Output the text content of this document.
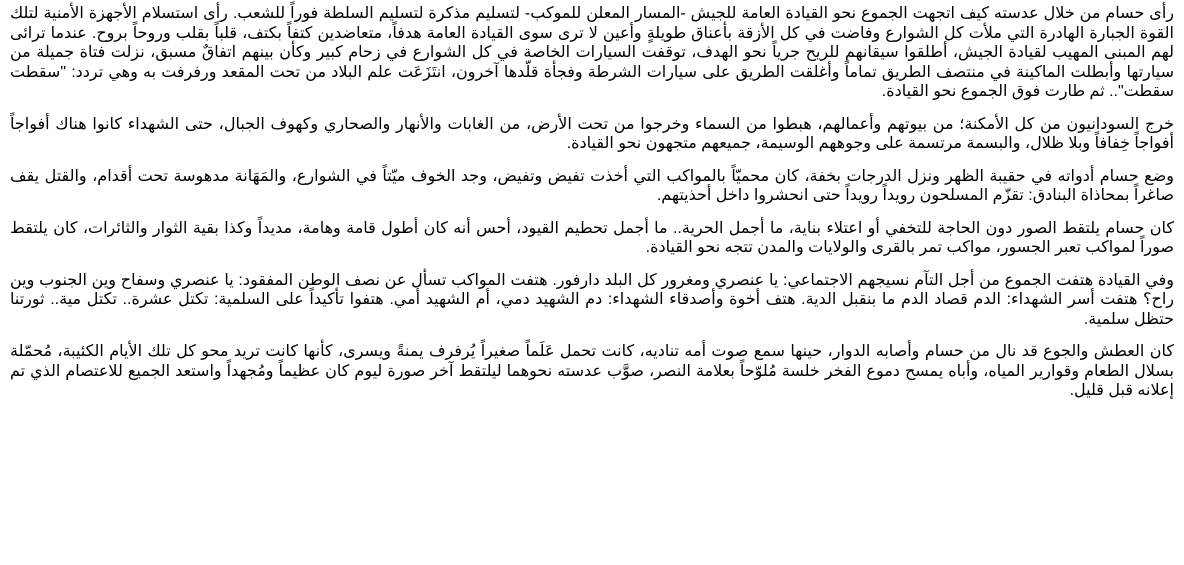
رأى حسام من خلال عدسته كيف اتجهت الجموع نحو القيادة العامة للجيش -المسار المعلن للموكب- لتسليم مذكرة لتسليم السلطة فوراً للشعب. رأى استسلام الأجهزة الأمنية لتلك القوة الجبارة الهادرة التي ملأت كل الشوارع وفاضت في كل الأزقة بأعناق طويلةٍ وأعين لا ترى سوى القيادة العامة هدفاً، متعاضدين كتفاً بكتف، قلباً بقلب وروحاً بروح. عندما ترائى لهم المبنى المهيب لقيادة الجيش، أطلقوا سيقانهم للريح جرياً نحو الهدف، توقفت السيارات الخاصة في كل الشوارع في زحام كبير وكأن بينهم اتفاقٌ مسبق، نزلت فتاة جميلة من سيارتها وأبطلت الماكينة في منتصف الطريق تماماً وأغلقت الطريق على سيارات الشرطة وفجأة قلّدها آخرون، انتَزَعَت علم البلاد من تحت المقعد ورفرفت به وهي تردد: "سقطت سقطت".. ثم طارت فوق الجموع نحو القيادة.

خرج السودانيون من كل الأمكنة؛ من بيوتهم وأعمالهم، هبطوا من السماء وخرجوا من تحت الأرض، من الغابات والأنهار والصحاري وكهوف الجبال، حتى الشهداء كانوا هناك أفواجاً أفواجاً خِفافاً وبلا ظلال، والبسمة مرتسمة على وجوههم الوسيمة، جميعهم متجهون نحو القيادة.

وضع حسام أدواته في حقيبة الظهر ونزل الدرجات بخفة، كان محميّاً بالمواكب التي أخذت تفيض وتفيض، وجد الخوف ميّتاً في الشوارع، والمَهَانة مدهوسة تحت أقدام، والقتل يقف صاغراً بمحاذاة البنادق: تقزّم المسلحون رويداً رويداً حتى انحشروا داخل أحذيتهم.

كان حسام يلتقط الصور دون الحاجة للتخفي أو اعتلاء بناية، ما أجمل الحرية.. ما أجمل تحطيم القيود، أحس أنه كان أطول قامة وهامة، مديداً وكذا بقية الثوار والثائرات، كان يلتقط صوراً لمواكب تعبر الجسور، مواكب تمر بالقرى والولايات والمدن تتجه نحو القيادة.

وفي القيادة هتفت الجموع من أجل التآم نسيجهم الاجتماعي: يا عنصري ومغرور كل البلد دارفور. هتفت المواكب تسأل عن نصف الوطن المفقود: يا عنصري وسفاح وين الجنوب وين راح؟ هتفت أسر الشهداء: الدم قصاد الدم ما بنقبل الدية. هتف أخوة وأصدقاء الشهداء: دم الشهيد دمي، أم الشهيد أمي. هتفوا تأكيداً على السلمية: تكتل عشرة.. تكتل مية.. ثورتنا حتظل سلمية.

كان العطش والجوع قد نال من حسام وأصابه الدوار، حينها سمع صوت أمه تناديه، كانت تحمل عَلَماً صغيراً يُرفرف يمنةً ويسرى، كأنها كانت تريد محو كل تلك الأيام الكئيبة، مُحمّلة بسلال الطعام وقوارير المياه، وأباه يمسح دموع الفخر خلسة مُلوّحاً بعلامة النصر، صوَّب عدسته نحوهما ليلتقط آخر صورة ليوم كان عظيماً ومُجهداً واستعد الجميع للاعتصام الذي تم إعلانه قبل قليل.
